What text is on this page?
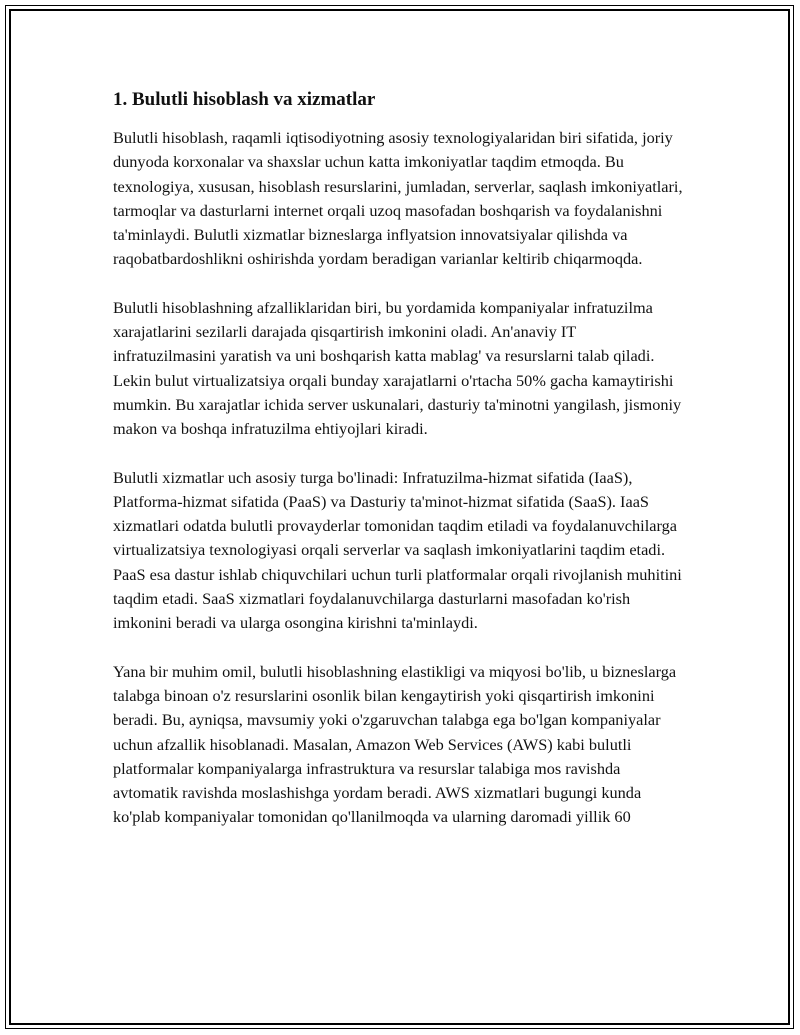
1. Bulutli hisoblash va xizmatlar

Bulutli hisoblash, raqamli iqtisodiyotning asosiy texnologiyalaridan biri sifatida, joriy dunyoda korxonalar va shaxslar uchun katta imkoniyatlar taqdim etmoqda. Bu texnologiya, xususan, hisoblash resurslarini, jumladan, serverlar, saqlash imkoniyatlari, tarmoqlar va dasturlarni internet orqali uzoq masofadan boshqarish va foydalanishni ta'minlaydi. Bulutli xizmatlar bizneslarga inflyatsion innovatsiyalar qilishda va raqobatbardoshlikni oshirishda yordam beradigan varianlar keltirib chiqarmoqda.

Bulutli hisoblashning afzalliklaridan biri, bu yordamida kompaniyalar infratuzilma xarajatlarini sezilarli darajada qisqartirish imkonini oladi. An'anaviy IT infratuzilmasini yaratish va uni boshqarish katta mablag' va resurslarni talab qiladi. Lekin bulut virtualizatsiya orqali bunday xarajatlarni o'rtacha 50% gacha kamaytirishi mumkin. Bu xarajatlar ichida server uskunalari, dasturiy ta'minotni yangilash, jismoniy makon va boshqa infratuzilma ehtiyojlari kiradi.

Bulutli xizmatlar uch asosiy turga bo'linadi: Infratuzilma-hizmat sifatida (IaaS), Platforma-hizmat sifatida (PaaS) va Dasturiy ta'minot-hizmat sifatida (SaaS). IaaS xizmatlari odatda bulutli provayderlar tomonidan taqdim etiladi va foydalanuvchilarga virtualizatsiya texnologiyasi orqali serverlar va saqlash imkoniyatlarini taqdim etadi. PaaS esa dastur ishlab chiquvchilari uchun turli platformalar orqali rivojlanish muhitini taqdim etadi. SaaS xizmatlari foydalanuvchilarga dasturlarni masofadan ko'rish imkonini beradi va ularga osongina kirishni ta'minlaydi.

Yana bir muhim omil, bulutli hisoblashning elastikligi va miqyosi bo'lib, u bizneslarga talabga binoan o'z resurslarini osonlik bilan kengaytirish yoki qisqartirish imkonini beradi. Bu, ayniqsa, mavsumiy yoki o'zgaruvchan talabga ega bo'lgan kompaniyalar uchun afzallik hisoblanadi. Masalan, Amazon Web Services (AWS) kabi bulutli platformalar kompaniyalarga infrastruktura va resurslar talabiga mos ravishda avtomatik ravishda moslashishga yordam beradi. AWS xizmatlari bugungi kunda ko'plab kompaniyalar tomonidan qo'llanilmoqda va ularning daromadi yillik 60
